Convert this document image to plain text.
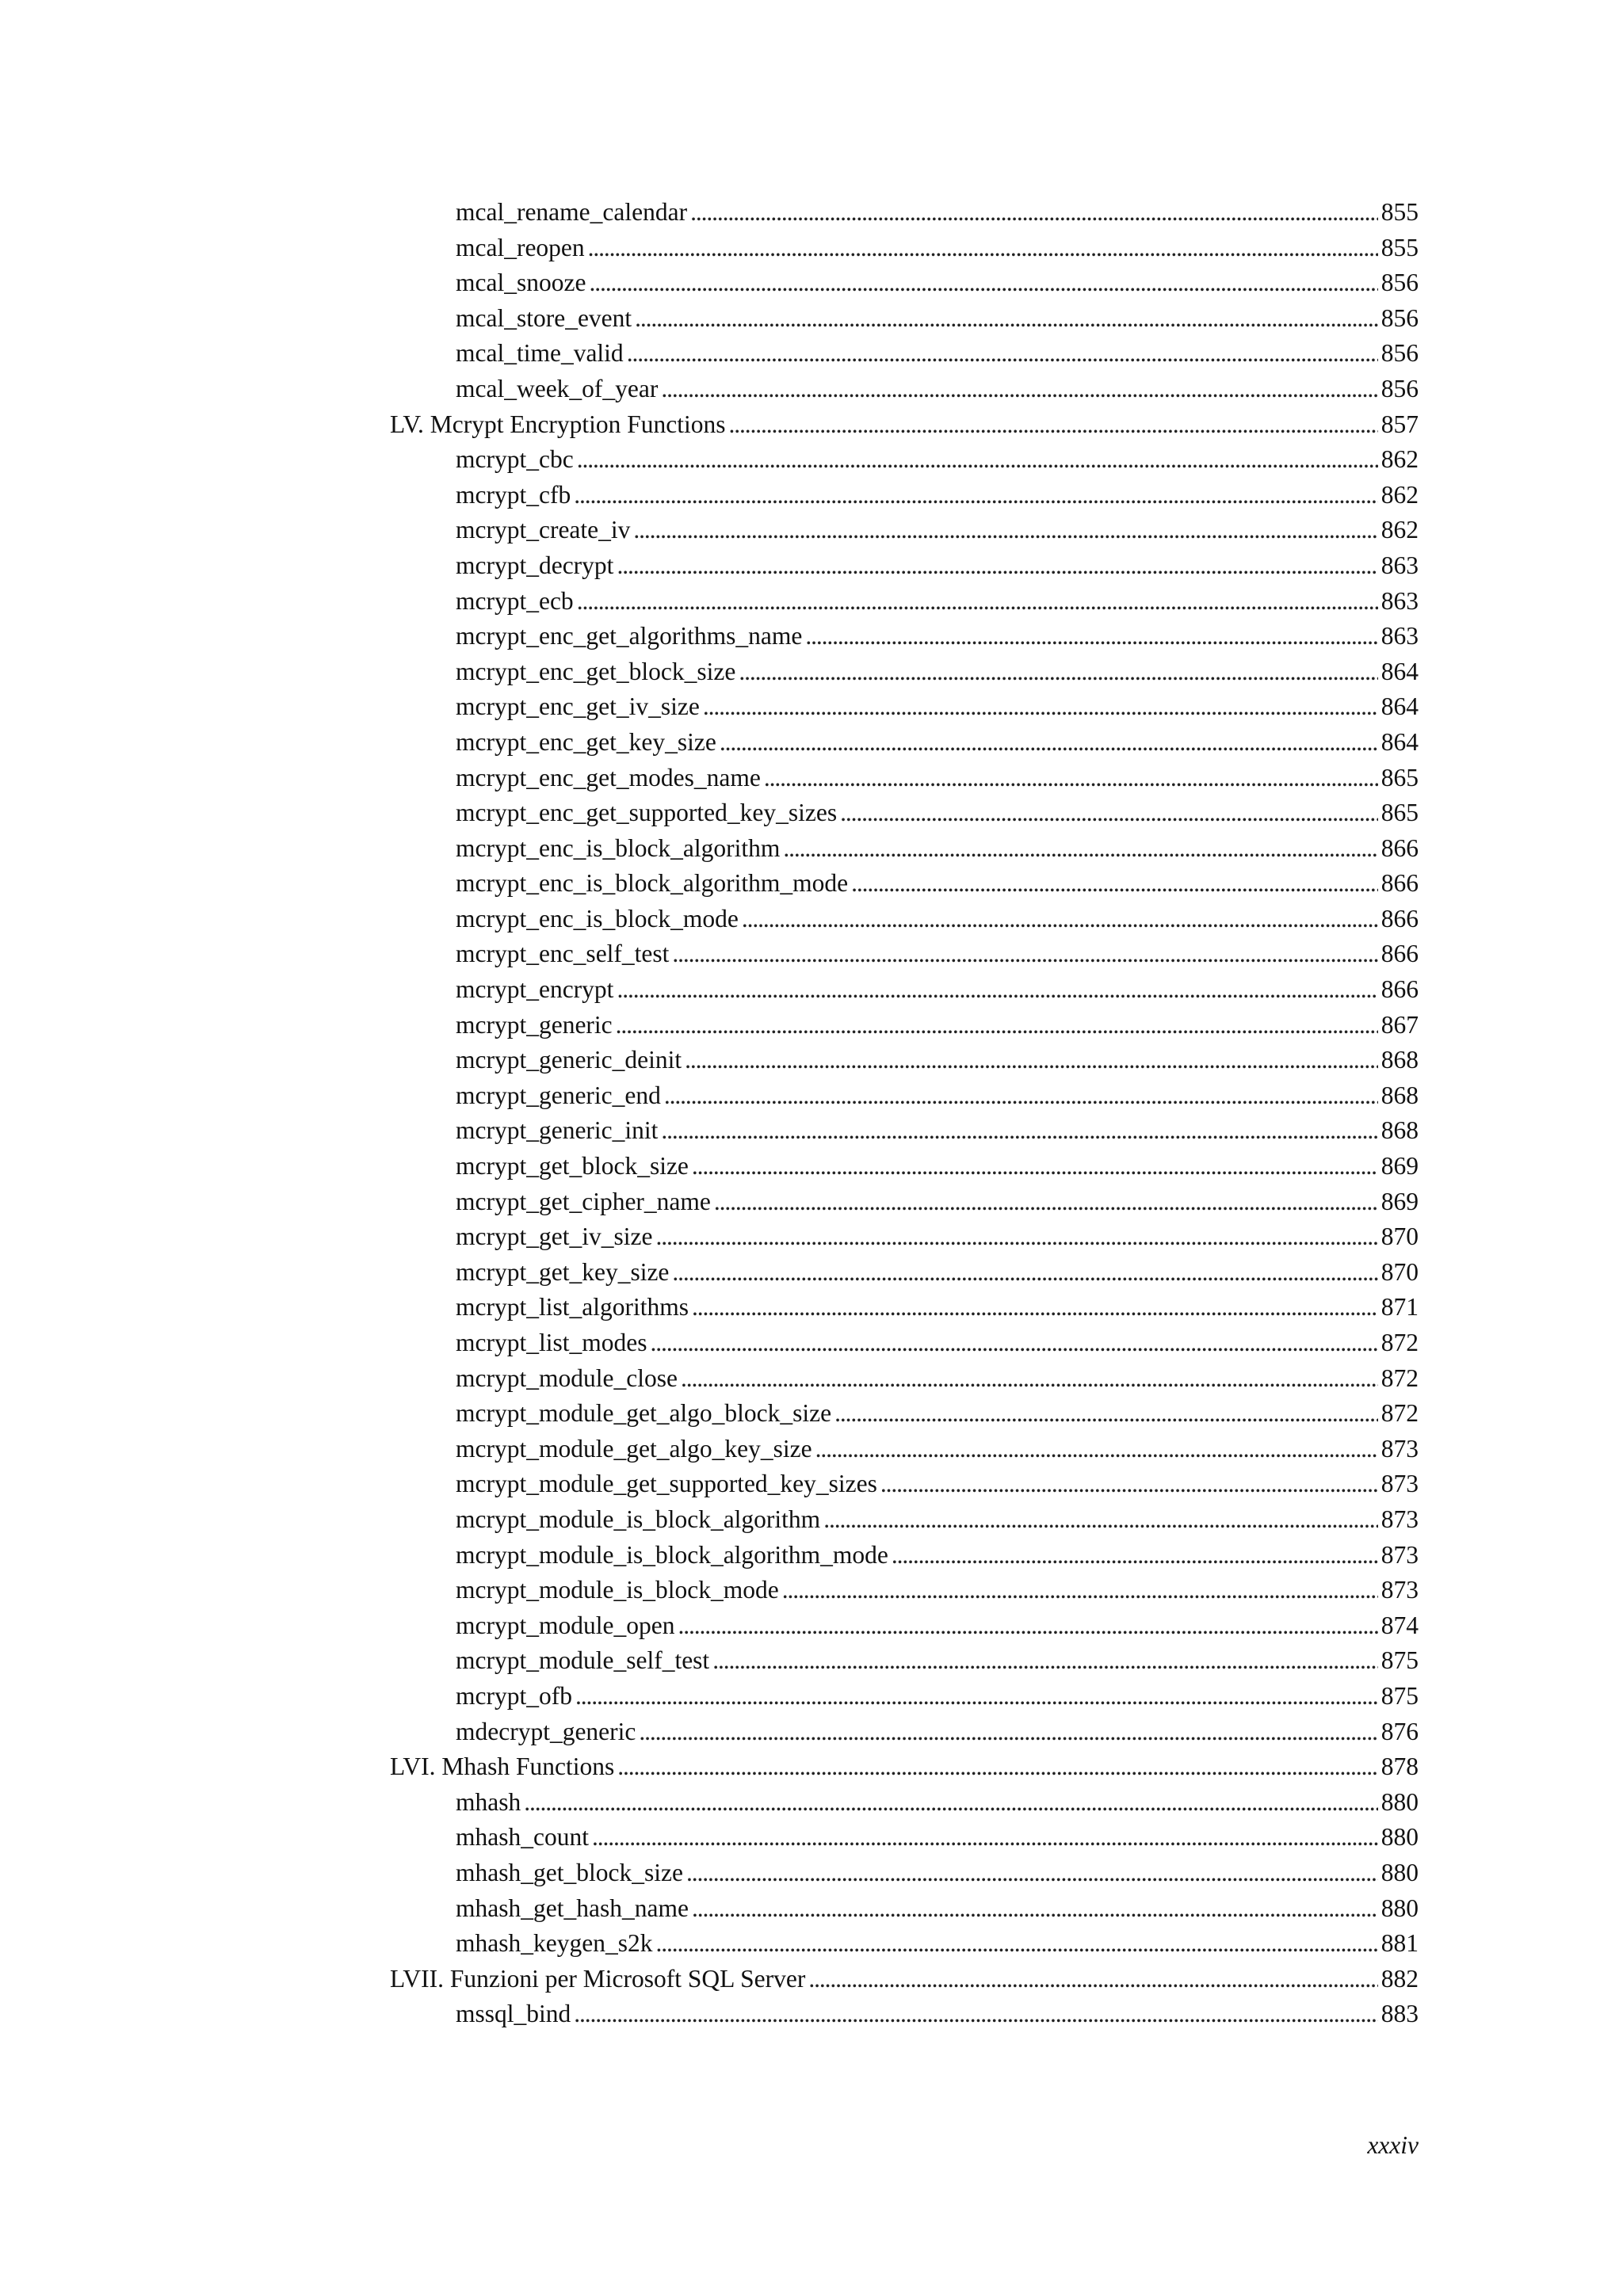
mcal_rename_calendar . . .	855
mcal_reopen . . .	855
mcal_snooze . . .	856
mcal_store_event . . .	856
mcal_time_valid . . .	856
mcal_week_of_year . . .	856
LV. Mcrypt Encryption Functions . . .	857
mcrypt_cbc . . .	862
mcrypt_cfb . . .	862
mcrypt_create_iv . . .	862
mcrypt_decrypt . . .	863
mcrypt_ecb . . .	863
mcrypt_enc_get_algorithms_name . . .	863
mcrypt_enc_get_block_size . . .	864
mcrypt_enc_get_iv_size . . .	864
mcrypt_enc_get_key_size . . .	864
mcrypt_enc_get_modes_name . . .	865
mcrypt_enc_get_supported_key_sizes . . .	865
mcrypt_enc_is_block_algorithm . . .	866
mcrypt_enc_is_block_algorithm_mode . . .	866
mcrypt_enc_is_block_mode . . .	866
mcrypt_enc_self_test . . .	866
mcrypt_encrypt . . .	866
mcrypt_generic . . .	867
mcrypt_generic_deinit . . .	868
mcrypt_generic_end . . .	868
mcrypt_generic_init . . .	868
mcrypt_get_block_size . . .	869
mcrypt_get_cipher_name . . .	869
mcrypt_get_iv_size . . .	870
mcrypt_get_key_size . . .	870
mcrypt_list_algorithms . . .	871
mcrypt_list_modes . . .	872
mcrypt_module_close . . .	872
mcrypt_module_get_algo_block_size . . .	872
mcrypt_module_get_algo_key_size . . .	873
mcrypt_module_get_supported_key_sizes . . .	873
mcrypt_module_is_block_algorithm . . .	873
mcrypt_module_is_block_algorithm_mode . . .	873
mcrypt_module_is_block_mode . . .	873
mcrypt_module_open . . .	874
mcrypt_module_self_test . . .	875
mcrypt_ofb . . .	875
mdecrypt_generic . . .	876
LVI. Mhash Functions . . .	878
mhash . . .	880
mhash_count . . .	880
mhash_get_block_size . . .	880
mhash_get_hash_name . . .	880
mhash_keygen_s2k . . .	881
LVII. Funzioni per Microsoft SQL Server . . .	882
mssql_bind . . .	883
xxxiv
